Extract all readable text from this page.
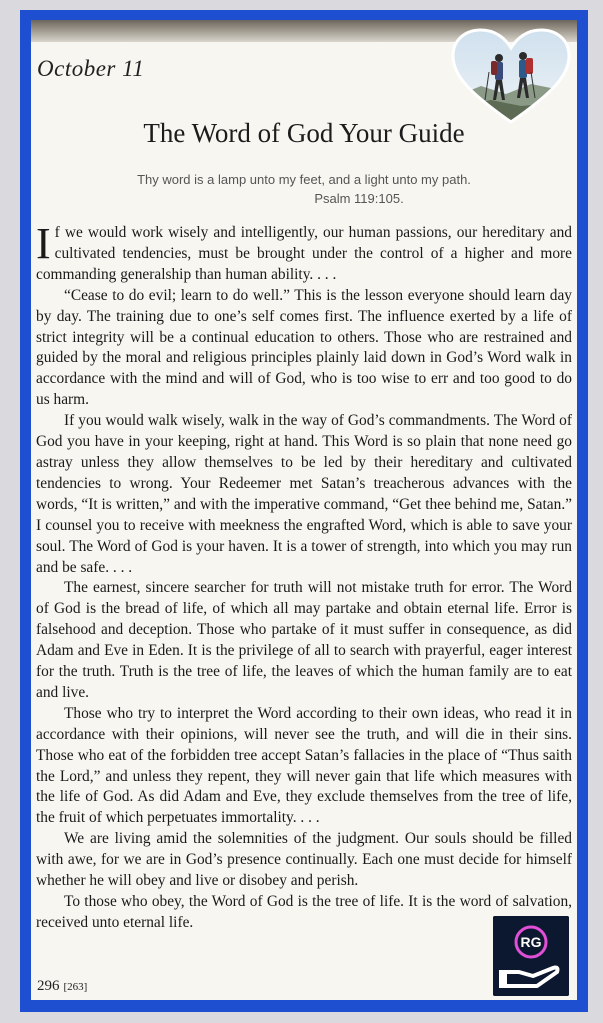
October 11
The Word of God Your Guide
Thy word is a lamp unto my feet, and a light unto my path.
Psalm 119:105.

If we would work wisely and intelligently, our human passions, our hereditary and cultivated tendencies, must be brought under the control of a higher and more commanding generalship than human ability. . . .

“Cease to do evil; learn to do well.” This is the lesson everyone should learn day by day. The training due to one’s self comes first. The influence exerted by a life of strict integrity will be a continual education to others. Those who are restrained and guided by the moral and religious principles plainly laid down in God’s Word walk in accordance with the mind and will of God, who is too wise to err and too good to do us harm.

If you would walk wisely, walk in the way of God’s commandments. The Word of God you have in your keeping, right at hand. This Word is so plain that none need go astray unless they allow themselves to be led by their hereditary and cultivated tendencies to wrong. Your Redeemer met Satan’s treacherous advances with the words, “It is written,” and with the imperative command, “Get thee behind me, Satan.” I counsel you to receive with meekness the engrafted Word, which is able to save your soul. The Word of God is your haven. It is a tower of strength, into which you may run and be safe. . . .

The earnest, sincere searcher for truth will not mistake truth for error. The Word of God is the bread of life, of which all may partake and obtain eternal life. Error is falsehood and deception. Those who partake of it must suffer in consequence, as did Adam and Eve in Eden. It is the privilege of all to search with prayerful, eager interest for the truth. Truth is the tree of life, the leaves of which the human family are to eat and live.

Those who try to interpret the Word according to their own ideas, who read it in accordance with their opinions, will never see the truth, and will die in their sins. Those who eat of the forbidden tree accept Satan’s fallacies in the place of “Thus saith the Lord,” and unless they repent, they will never gain that life which measures with the life of God. As did Adam and Eve, they exclude themselves from the tree of life, the fruit of which perpetuates immortality. . . .

We are living amid the solemnities of the judgment. Our souls should be filled with awe, for we are in God’s presence continually. Each one must decide for himself whether he will obey and live or disobey and perish.

To those who obey, the Word of God is the tree of life. It is the word of salvation, received unto eternal life.

296 [263]
RG
